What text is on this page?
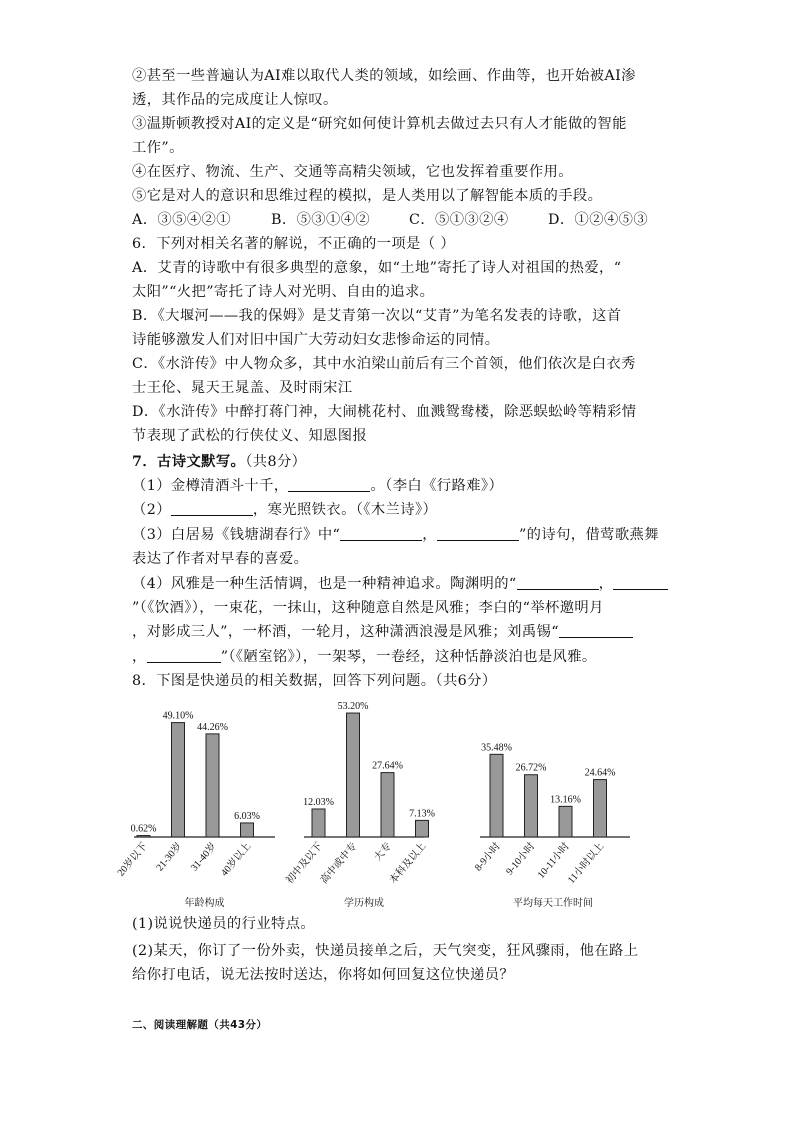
②甚至一些普遍认为AI难以取代人类的领域，如绘画、作曲等，也开始被AI渗
透，其作品的完成度让人惊叹。
③温斯顿教授对AI的定义是“研究如何使计算机去做过去只有人才能做的智能
工作”。
④在医疗、物流、生产、交通等高精尖领域，它也发挥着重要作用。
⑤它是对人的意识和思维过程的模拟，是人类用以了解智能本质的手段。
A．③⑤④②①	B．⑤③①④②	C．⑤①③②④	D．①②④⑤③
6．下列对相关名著的解说，不正确的一项是（ ）
A．艾青的诗歌中有很多典型的意象，如“土地”寄托了诗人对祖国的热爱，“
太阳”“火把”寄托了诗人对光明、自由的追求。
B．《大堰河——我的保姆》是艾青第一次以“艾青”为笔名发表的诗歌，这首
诗能够激发人们对旧中国广大劳动妇女悲惨命运的同情。
C．《水浒传》中人物众多，其中水泊梁山前后有三个首领，他们依次是白衣秀
士王伦、晁天王晁盖、及时雨宋江
D．《水浒传》中醉打蒋门神，大闹桃花村、血溅鸳鸯楼，除恶蜈蚣岭等精彩情
节表现了武松的行侠仗义、知恩图报
7．古诗文默写。（共8分）
（1）金樽清酒斗十千，	。（李白《行路难》）
（2）	，寒光照铁衣。（《木兰诗》）
（3）白居易《钱塘湖春行》中“	，	”的诗句，借莺歌燕舞
表达了作者对早春的喜爱。
（4）风雅是一种生活情调，也是一种精神追求。陶渊明的“	，
”（《饮酒》），一束花，一抹山，这种随意自然是风雅；李白的“举杯邀明月
，对影成三人”，一杯酒，一轮月，这种潇洒浪漫是风雅；刘禹锡“
，	”（《陋室铭》），一架琴，一卷经，这种恬静淡泊也是风雅。
8．下图是快递员的相关数据，回答下列问题。（共6分）
0.62%
20岁以下
49.10%
21-30岁
44.26%
31-40岁
6.03%
40岁以上
年龄构成
12.03%
初中及以下
53.20%
高中或中专
27.64%
大专
7.13%
本科及以上
学历构成
35.48%
8-9小时
26.72%
9-10小时
13.16%
10-11小时
24.64%
11小时以上
平均每天工作时间
(1)说说快递员的行业特点。
(2)某天，你订了一份外卖，快递员接单之后，天气突变，狂风骤雨，他在路上
给你打电话，说无法按时送达，你将如何回复这位快递员？
二、阅读理解题（共43分）
